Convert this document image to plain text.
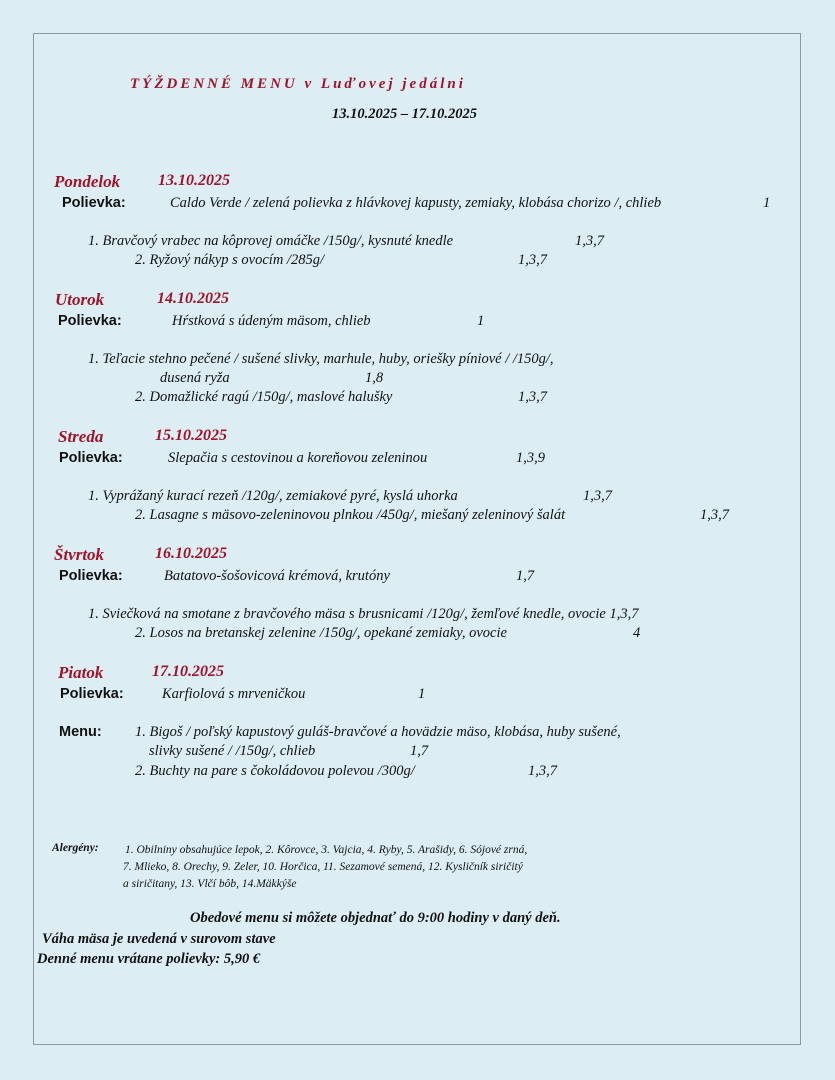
TÝŽDENNÉ MENU v Luďovej jedálni
13.10.2025 – 17.10.2025
Pondelok 13.10.2025
Polievka:	Caldo Verde / zelená polievka z hlávkovej kapusty, zemiaky, klobása chorizo /, chlieb	1
1. Bravčový vrabec na kôprovej omáčke /150g/, kysnuté knedle	1,3,7
2. Ryžový nákyp s ovocím /285g/	1,3,7
Utorok	14.10.2025
Polievka:	Hŕstková s údeným mäsom, chlieb	1
1. Teľacie stehno pečené / sušené slivky, marhule, huby, oriešky píniové / /150g/,
dusená ryža	1,8
2. Domažlické ragú /150g/, maslové halušky	1,3,7
Streda	15.10.2025
Polievka:	Slepačia s cestovinou a koreňovou zeleninou	1,3,9
1. Vyprážaný kurací rezeň /120g/, zemiakové pyré, kyslá uhorka	1,3,7
2. Lasagne s mäsovo-zeleninovou plnkou /450g/, miešaný zeleninový šalát	1,3,7
Štvrtok	16.10.2025
Polievka:	Batatovo-šošovicová krémová, krutóny	1,7
1. Sviečková na smotane z bravčového mäsa s brusnicami /120g/, žemľové knedle, ovocie 1,3,7
2. Losos na bretanskej zelenine /150g/, opekané zemiaky, ovocie	4
Piatok	17.10.2025
Polievka:	Karfiolová s mrveničkou	1
Menu: 1. Bigoš / poľský kapustový guláš-bravčové a hovädzie mäso, klobása, huby sušené,
slivky sušené / /150g/, chlieb	1,7
2. Buchty na pare s čokoládovou polevou /300g/	1,3,7
Alergény: 1. Obilniny obsahujúce lepok, 2. Kôrovce, 3. Vajcia, 4. Ryby, 5. Arašidy, 6. Sójové zrná,
7. Mlieko, 8. Orechy, 9. Zeler, 10. Horčica, 11. Sezamové semená, 12. Kysličník siričitý
a siričitany, 13. Vlčí bôb, 14.Mäkkýše
Obedové menu si môžete objednať do 9:00 hodiny v daný deň.
Váha mäsa je uvedená v surovom stave
Denné menu vrátane polievky: 5,90 €
